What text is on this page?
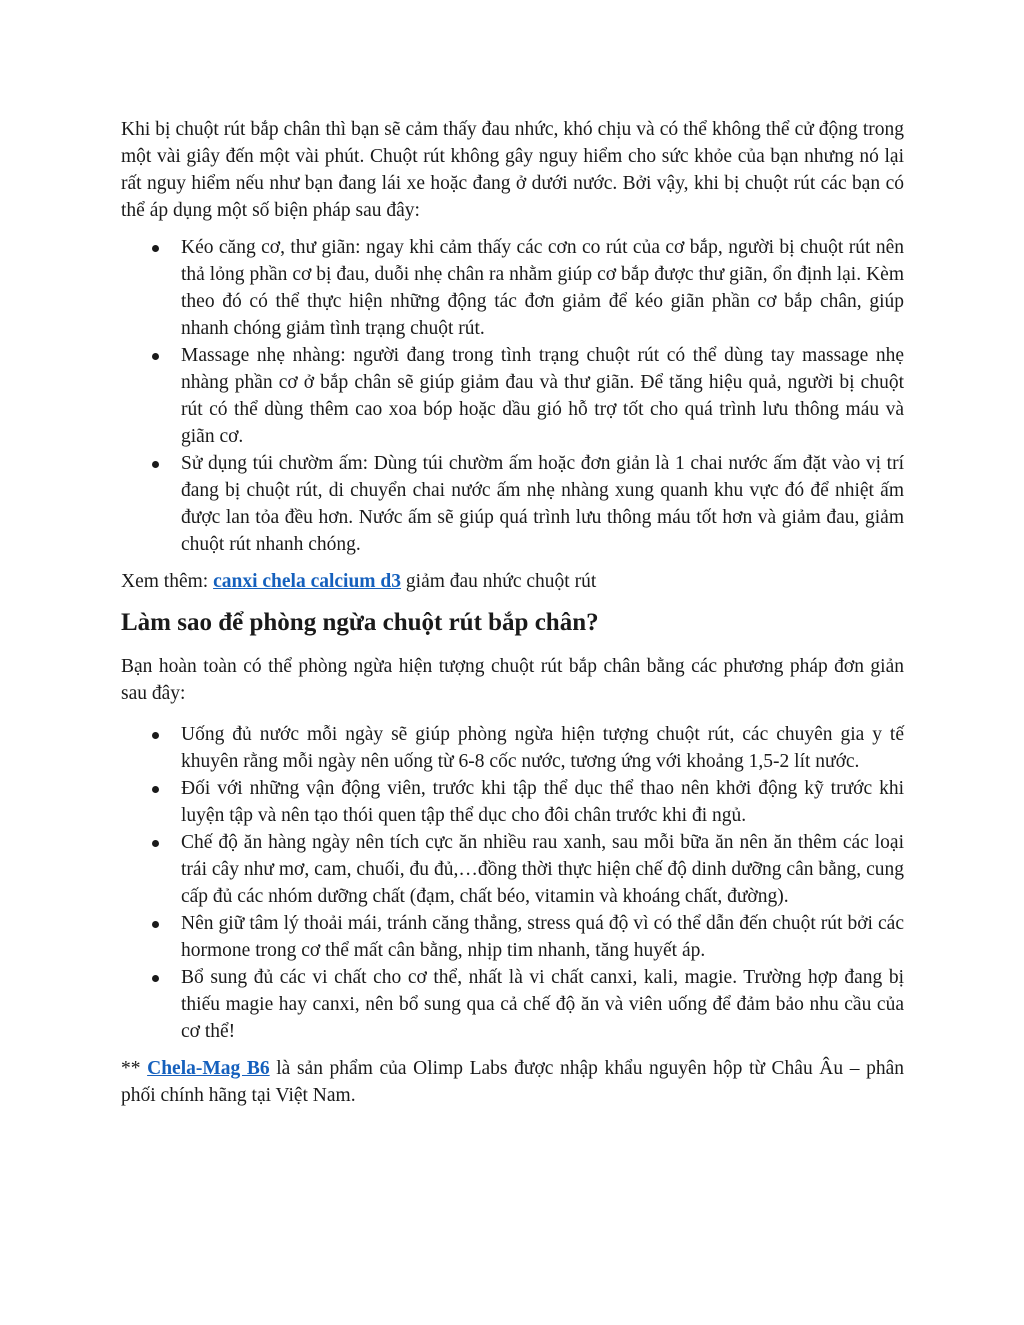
Khi bị chuột rút bắp chân thì bạn sẽ cảm thấy đau nhức, khó chịu và có thể không thể cử động trong một vài giây đến một vài phút. Chuột rút không gây nguy hiểm cho sức khỏe của bạn nhưng nó lại rất nguy hiểm nếu như bạn đang lái xe hoặc đang ở dưới nước. Bởi vậy, khi bị chuột rút các bạn có thể áp dụng một số biện pháp sau đây:

Kéo căng cơ, thư giãn: ngay khi cảm thấy các cơn co rút của cơ bắp, người bị chuột rút nên thả lỏng phần cơ bị đau, duỗi nhẹ chân ra nhằm giúp cơ bắp được thư giãn, ổn định lại. Kèm theo đó có thể thực hiện những động tác đơn giảm để kéo giãn phần cơ bắp chân, giúp nhanh chóng giảm tình trạng chuột rút.
Massage nhẹ nhàng: người đang trong tình trạng chuột rút có thể dùng tay massage nhẹ nhàng phần cơ ở bắp chân sẽ giúp giảm đau và thư giãn. Để tăng hiệu quả, người bị chuột rút có thể dùng thêm cao xoa bóp hoặc dầu gió hỗ trợ tốt cho quá trình lưu thông máu và giãn cơ.
Sử dụng túi chườm ấm: Dùng túi chườm ấm hoặc đơn giản là 1 chai nước ấm đặt vào vị trí đang bị chuột rút, di chuyển chai nước ấm nhẹ nhàng xung quanh khu vực đó để nhiệt ấm được lan tỏa đều hơn. Nước ấm sẽ giúp quá trình lưu thông máu tốt hơn và giảm đau, giảm chuột rút nhanh chóng.

Xem thêm: canxi chela calcium d3 giảm đau nhức chuột rút

Làm sao để phòng ngừa chuột rút bắp chân?

Bạn hoàn toàn có thể phòng ngừa hiện tượng chuột rút bắp chân bằng các phương pháp đơn giản sau đây:

Uống đủ nước mỗi ngày sẽ giúp phòng ngừa hiện tượng chuột rút, các chuyên gia y tế khuyên rằng mỗi ngày nên uống từ 6-8 cốc nước, tương ứng với khoảng 1,5-2 lít nước.
Đối với những vận động viên, trước khi tập thể dục thể thao nên khởi động kỹ trước khi luyện tập và nên tạo thói quen tập thể dục cho đôi chân trước khi đi ngủ.
Chế độ ăn hàng ngày nên tích cực ăn nhiều rau xanh, sau mỗi bữa ăn nên ăn thêm các loại trái cây như mơ, cam, chuối, đu đủ,…đồng thời thực hiện chế độ dinh dưỡng cân bằng, cung cấp đủ các nhóm dưỡng chất (đạm, chất béo, vitamin và khoáng chất, đường).
Nên giữ tâm lý thoải mái, tránh căng thẳng, stress quá độ vì có thể dẫn đến chuột rút bởi các hormone trong cơ thể mất cân bằng, nhịp tim nhanh, tăng huyết áp.
Bổ sung đủ các vi chất cho cơ thể, nhất là vi chất canxi, kali, magie. Trường hợp đang bị thiếu magie hay canxi, nên bổ sung qua cả chế độ ăn và viên uống để đảm bảo nhu cầu của cơ thể!

** Chela-Mag B6 là sản phẩm của Olimp Labs được nhập khẩu nguyên hộp từ Châu Âu – phân phối chính hãng tại Việt Nam.
